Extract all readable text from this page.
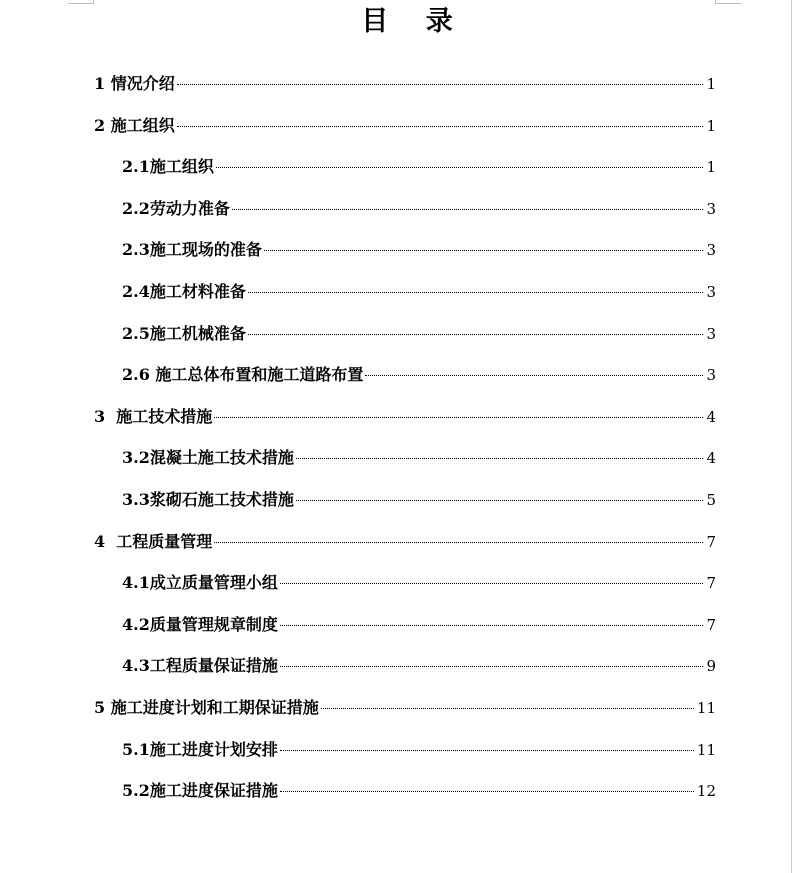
目    录
1 情况介绍	1
2 施工组织	1
2.1施工组织	1
2.2劳动力准备	3
2.3施工现场的准备	3
2.4施工材料准备	3
2.5施工机械准备	3
2.6 施工总体布置和施工道路布置	3
3  施工技术措施	4
3.2混凝土施工技术措施	4
3.3浆砌石施工技术措施	5
4  工程质量管理	7
4.1成立质量管理小组	7
4.2质量管理规章制度	7
4.3工程质量保证措施	9
5 施工进度计划和工期保证措施	11
5.1施工进度计划安排	11
5.2施工进度保证措施	12
